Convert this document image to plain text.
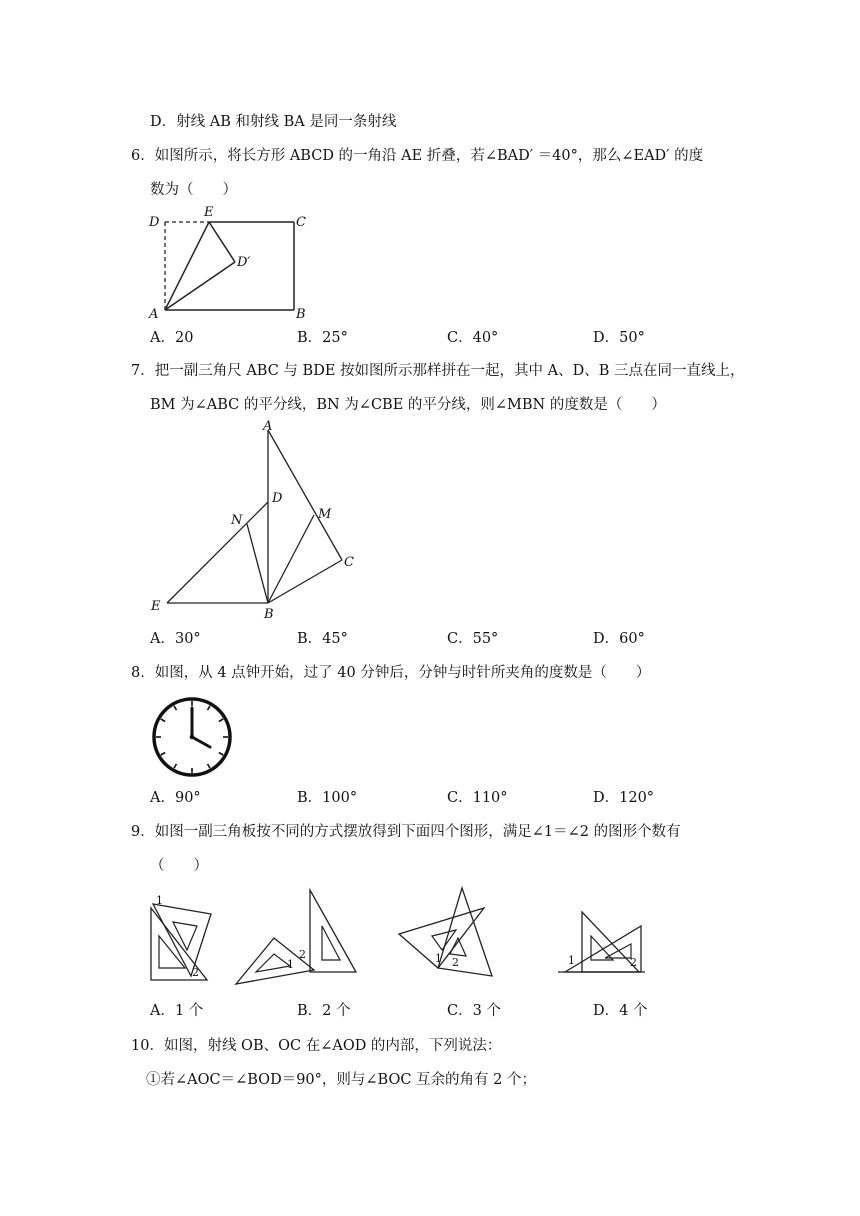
D．射线 AB 和射线 BA 是同一条射线
6．如图所示，将长方形 ABCD 的一角沿 AE 折叠，若∠BAD′ ＝40°，那么∠EAD′ 的度
数为（　　）
D
E
C
D′
A	B
A．20	B．25°	C．40°	D．50°
7．把一副三角尺 ABC 与 BDE 按如图所示那样拼在一起，其中 A、D、B 三点在同一直线上，
BM 为∠ABC 的平分线，BN 为∠CBE 的平分线，则∠MBN 的度数是（　　）
A
D
N	M
C
E
B
A．30°	B．45°	C．55°	D．60°
8．如图，从 4 点钟开始，过了 40 分钟后，分钟与时针所夹角的度数是（　　）
A．90°	B．100°	C．110°	D．120°
9．如图一副三角板按不同的方式摆放得到下面四个图形，满足∠1＝∠2 的图形个数有
（　　）
1
2
1
2	1 2	1	2
A．1 个	B．2 个	C．3 个	D．4 个
10．如图，射线 OB、OC 在∠AOD 的内部，下列说法：
①若∠AOC＝∠BOD＝90°，则与∠BOC 互余的角有 2 个；
